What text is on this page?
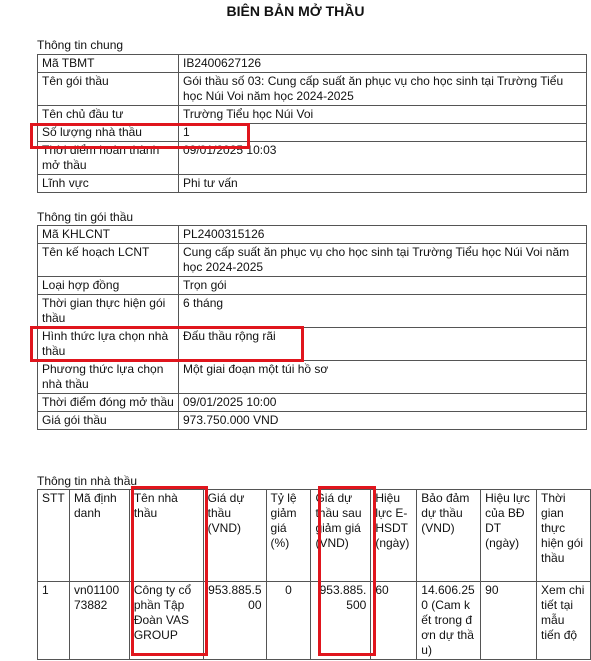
BIÊN BẢN MỞ THẦU
Thông tin chung
Mã TBMT	IB2400627126
Tên gói thầu	Gói thầu số 03: Cung cấp suất ăn phục vụ cho học sinh tại Trường Tiểu học Núi Voi năm học 2024-2025
Tên chủ đầu tư	Trường Tiểu học Núi Voi
Số lượng nhà thầu	1
Thời điểm hoàn thành mở thầu	09/01/2025 10:03
Lĩnh vực	Phi tư vấn
Thông tin gói thầu
Mã KHLCNT	PL2400315126
Tên kế hoạch LCNT	Cung cấp suất ăn phục vụ cho học sinh tại Trường Tiểu học Núi Voi năm học 2024-2025
Loại hợp đồng	Trọn gói
Thời gian thực hiện gói thầu	6 tháng
Hình thức lựa chọn nhà thầu	Đấu thầu rộng rãi
Phương thức lựa chọn nhà thầu	Một giai đoạn một túi hồ sơ
Thời điểm đóng mở thầu	09/01/2025 10:00
Giá gói thầu	973.750.000 VND
Thông tin nhà thầu
STT	Mã định danh	Tên nhà thầu	Giá dự thầu (VND)	Tỷ lệ giảm giá (%)	Giá dự thầu sau giảm giá (VND)	Hiệu lực E-HSDT (ngày)	Bảo đảm dự thầu (VND)	Hiệu lực của BĐ DT (ngày)	Thời gian thực hiện gói thầu
1	vn0110073882	Công ty cổ phần Tập Đoàn VAS GROUP	953.885.500	0	953.885.500	60	14.606.250 (Cam kết trong đơn dự thầu)	90	Xem chi tiết tại mẫu tiến độ
